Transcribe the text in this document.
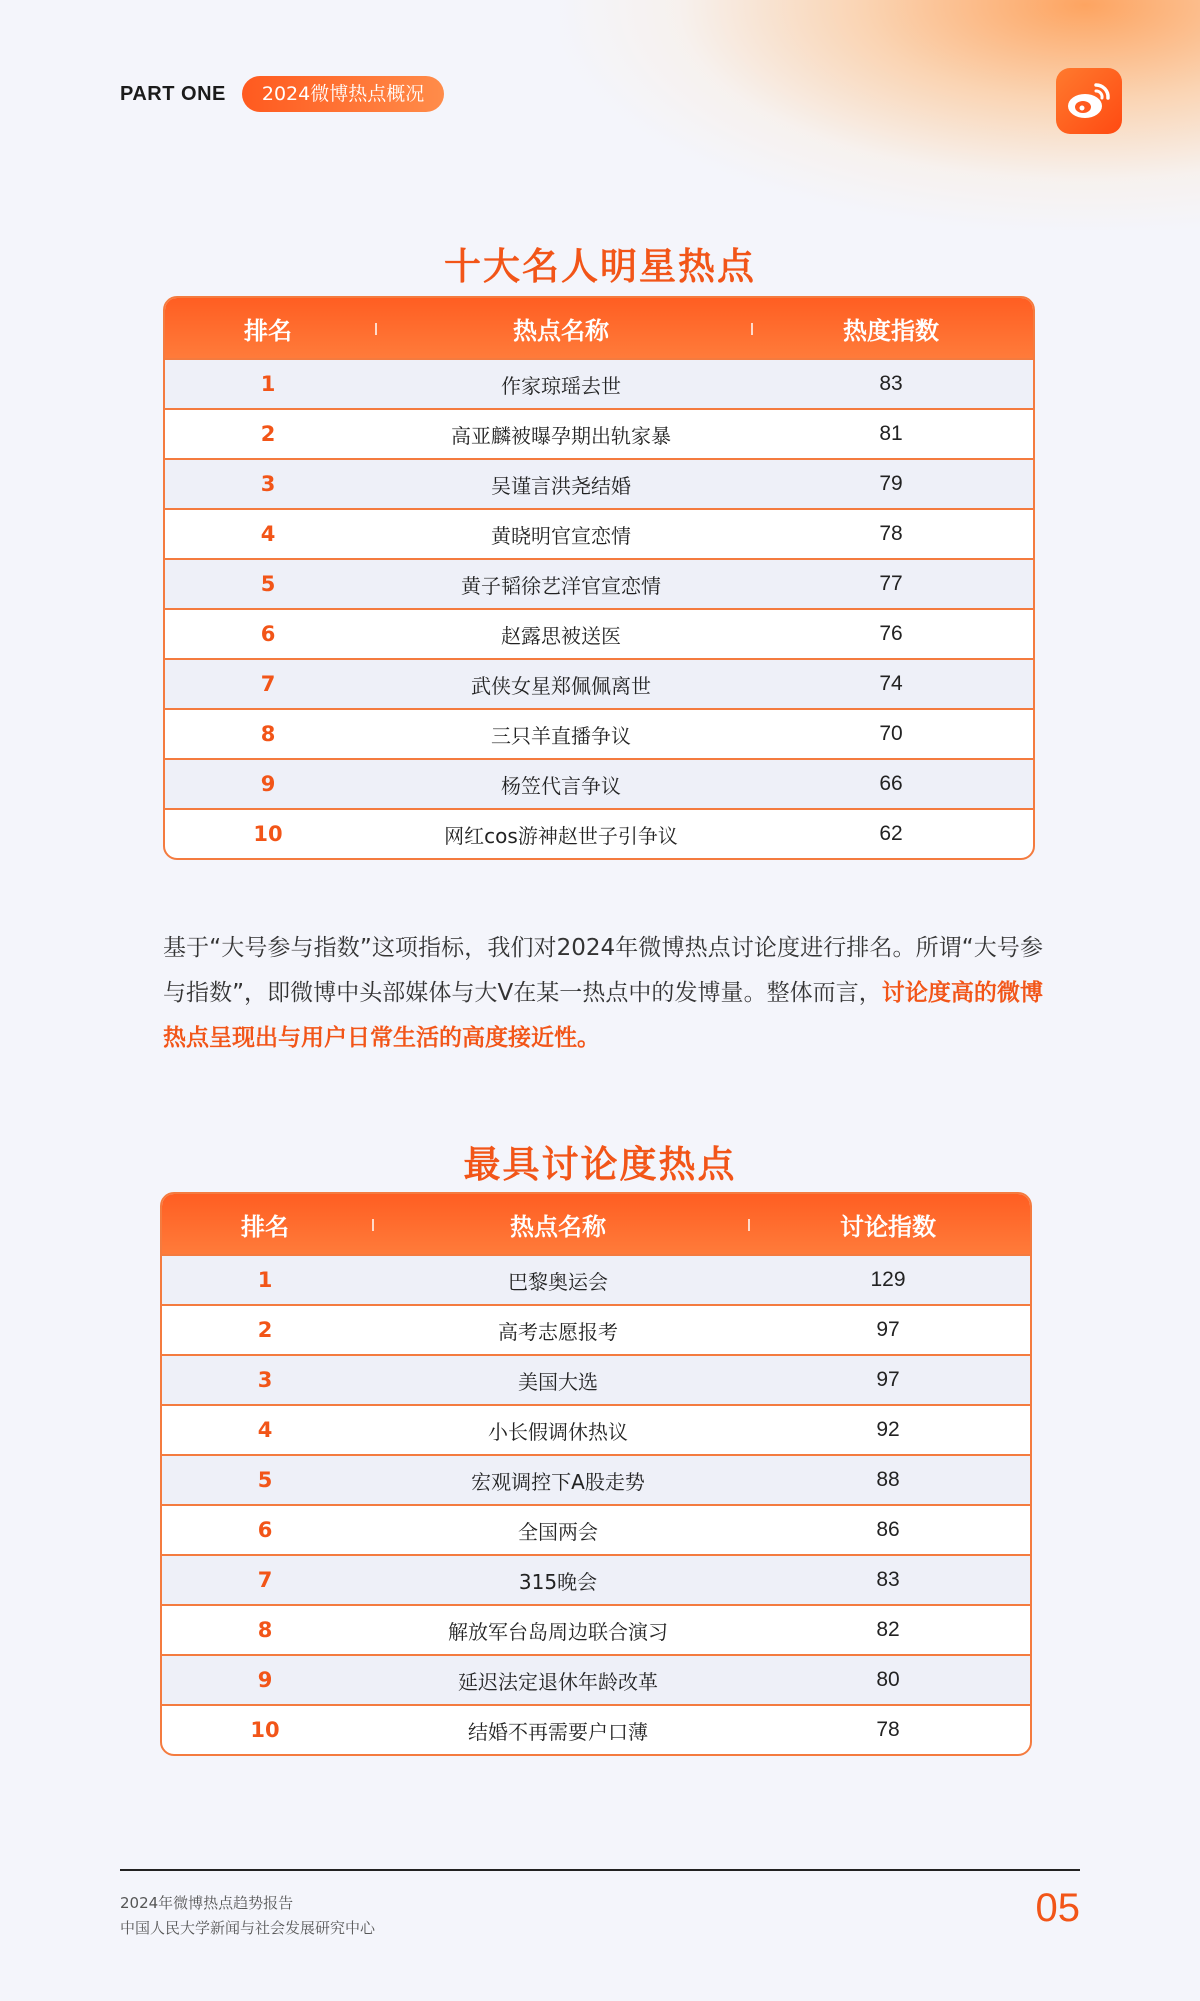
PART ONE	2024微博热点概况
十大名人明星热点
排名	热点名称	热度指数
1	作家琼瑶去世	83
2	高亚麟被曝孕期出轨家暴	81
3	吴谨言洪尧结婚	79
4	黄晓明官宣恋情	78
5	黄子韬徐艺洋官宣恋情	77
6	赵露思被送医	76
7	武侠女星郑佩佩离世	74
8	三只羊直播争议	70
9	杨笠代言争议	66
10	网红cos游神赵世子引争议	62
基于“大号参与指数”这项指标，我们对2024年微博热点讨论度进行排名。所谓“大号参与指数”，即微博中头部媒体与大V在某一热点中的发博量。整体而言，讨论度高的微博热点呈现出与用户日常生活的高度接近性。
最具讨论度热点
排名	热点名称	讨论指数
1	巴黎奥运会	129
2	高考志愿报考	97
3	美国大选	97
4	小长假调休热议	92
5	宏观调控下A股走势	88
6	全国两会	86
7	315晚会	83
8	解放军台岛周边联合演习	82
9	延迟法定退休年龄改革	80
10	结婚不再需要户口薄	78
2024年微博热点趋势报告
中国人民大学新闻与社会发展研究中心	05
